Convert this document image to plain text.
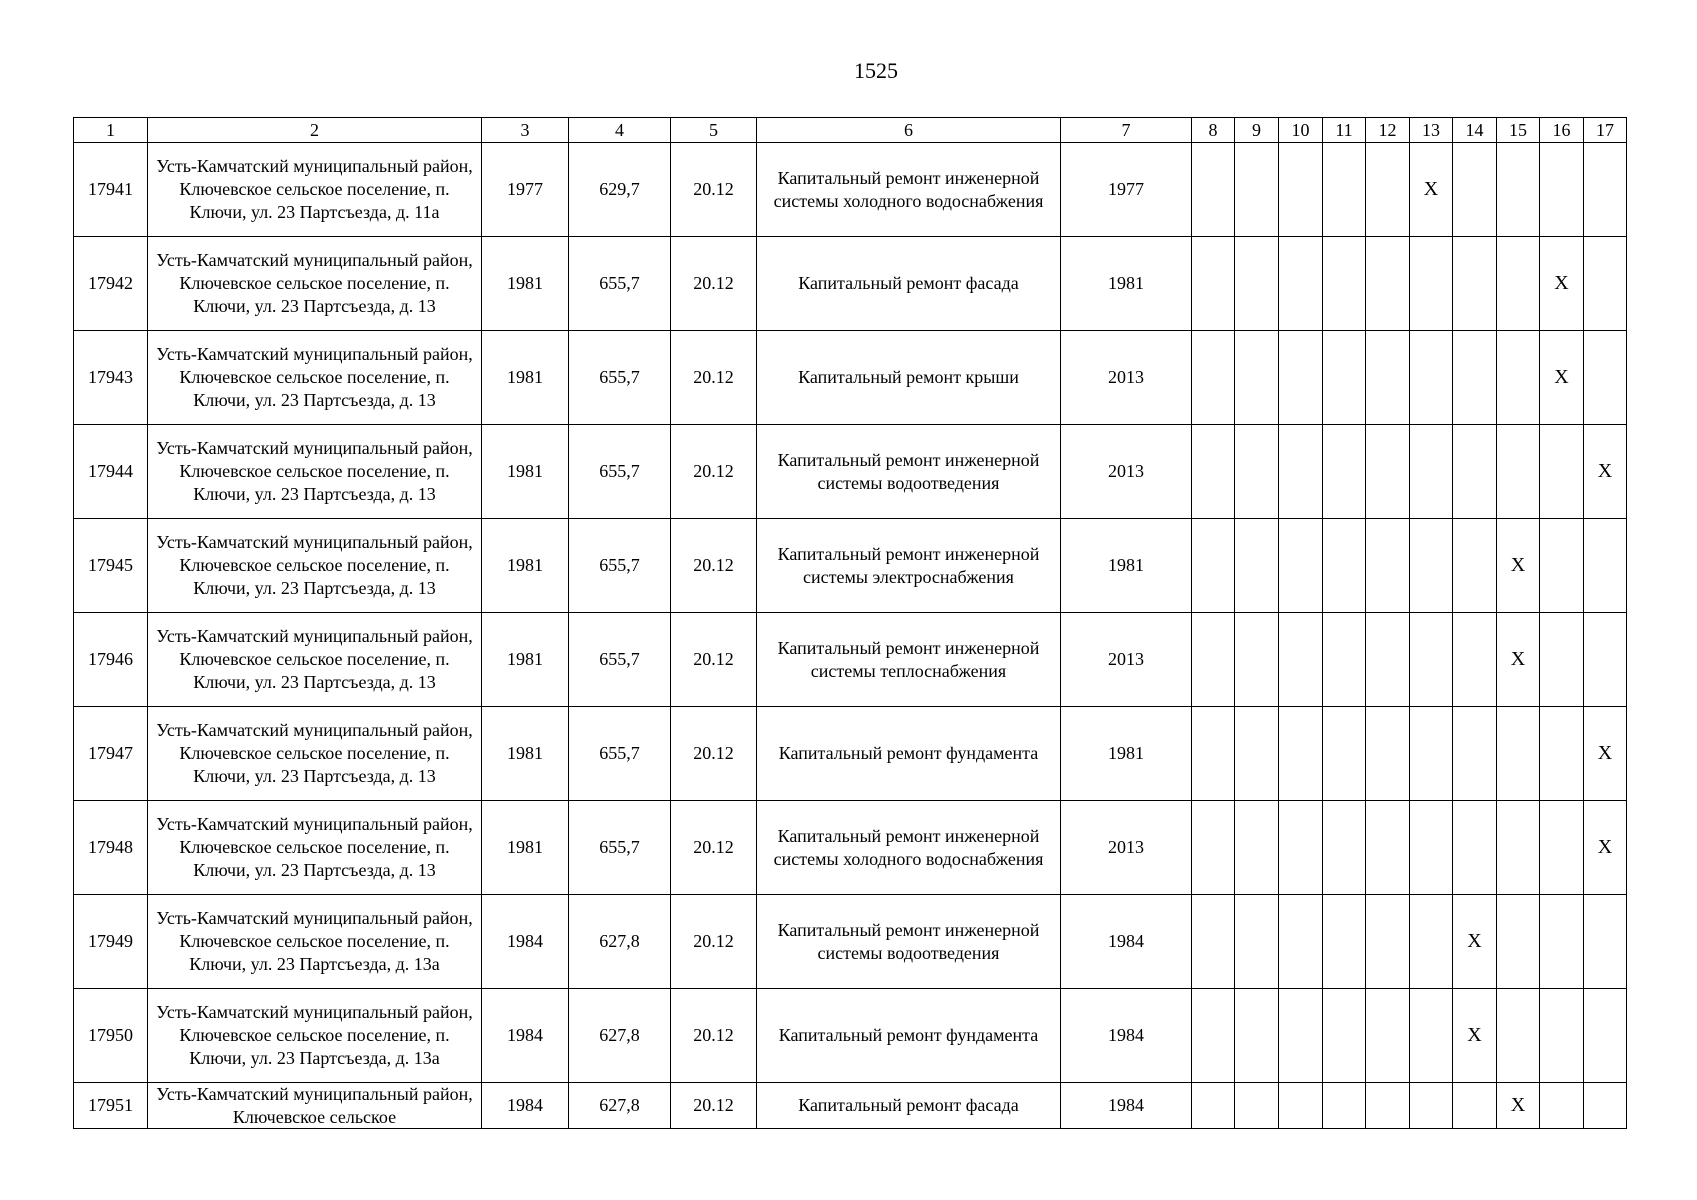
1525
1	2	3	4	5	6	7	8	9	10	11	12	13	14	15	16	17
17941	Усть-Камчатский муниципальный район, Ключевское сельское поселение, п. Ключи, ул. 23 Партсъезда, д. 11а	1977	629,7	20.12	Капитальный ремонт инженерной системы холодного водоснабжения	1977						X				
17942	Усть-Камчатский муниципальный район, Ключевское сельское поселение, п. Ключи, ул. 23 Партсъезда, д. 13	1981	655,7	20.12	Капитальный ремонт фасада	1981									X	
17943	Усть-Камчатский муниципальный район, Ключевское сельское поселение, п. Ключи, ул. 23 Партсъезда, д. 13	1981	655,7	20.12	Капитальный ремонт крыши	2013									X	
17944	Усть-Камчатский муниципальный район, Ключевское сельское поселение, п. Ключи, ул. 23 Партсъезда, д. 13	1981	655,7	20.12	Капитальный ремонт инженерной системы водоотведения	2013										X
17945	Усть-Камчатский муниципальный район, Ключевское сельское поселение, п. Ключи, ул. 23 Партсъезда, д. 13	1981	655,7	20.12	Капитальный ремонт инженерной системы электроснабжения	1981								X		
17946	Усть-Камчатский муниципальный район, Ключевское сельское поселение, п. Ключи, ул. 23 Партсъезда, д. 13	1981	655,7	20.12	Капитальный ремонт инженерной системы теплоснабжения	2013								X		
17947	Усть-Камчатский муниципальный район, Ключевское сельское поселение, п. Ключи, ул. 23 Партсъезда, д. 13	1981	655,7	20.12	Капитальный ремонт фундамента	1981										X
17948	Усть-Камчатский муниципальный район, Ключевское сельское поселение, п. Ключи, ул. 23 Партсъезда, д. 13	1981	655,7	20.12	Капитальный ремонт инженерной системы холодного водоснабжения	2013										X
17949	Усть-Камчатский муниципальный район, Ключевское сельское поселение, п. Ключи, ул. 23 Партсъезда, д. 13а	1984	627,8	20.12	Капитальный ремонт инженерной системы водоотведения	1984							X			
17950	Усть-Камчатский муниципальный район, Ключевское сельское поселение, п. Ключи, ул. 23 Партсъезда, д. 13а	1984	627,8	20.12	Капитальный ремонт фундамента	1984							X			
17951	Усть-Камчатский муниципальный район, Ключевское сельское	1984	627,8	20.12	Капитальный ремонт фасада	1984								X		
